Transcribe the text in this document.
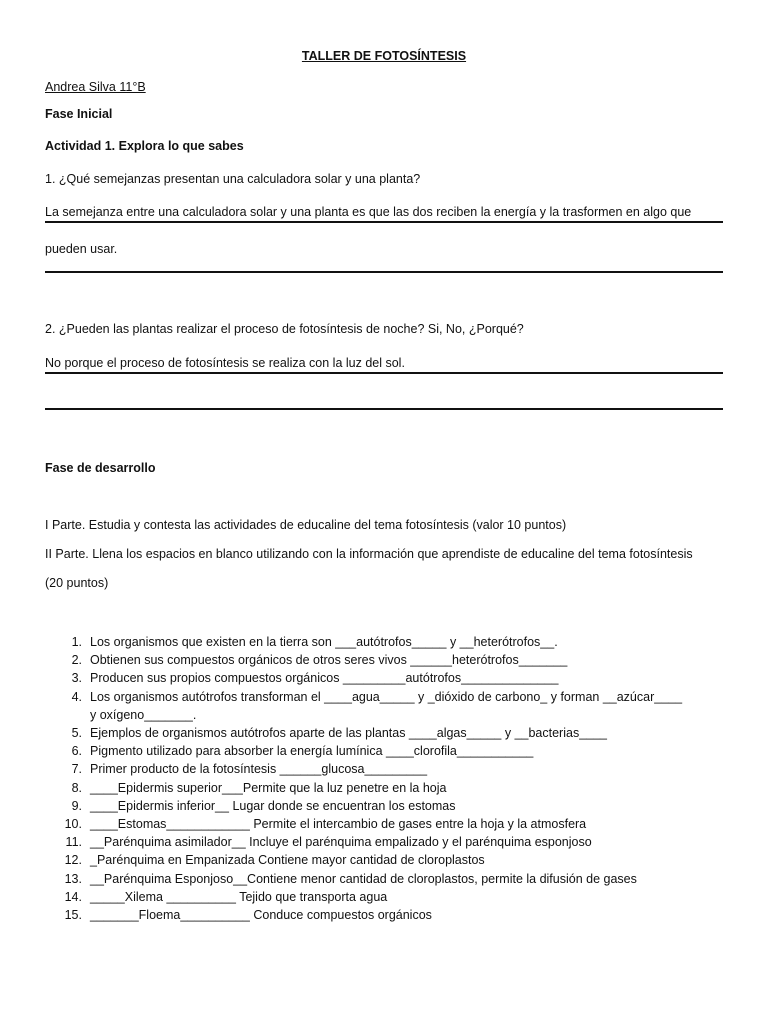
TALLER DE FOTOSÍNTESIS
Andrea Silva 11°B
Fase Inicial
Actividad 1. Explora lo que sabes
1. ¿Qué semejanzas presentan una calculadora solar y una planta?
La semejanza entre una calculadora solar y una planta es que las dos reciben la energía y la trasformen en algo que
pueden usar.
2. ¿Pueden las plantas realizar el proceso de fotosíntesis de noche? Si, No, ¿Porqué?
No porque el proceso de fotosíntesis se realiza con la luz del sol.
Fase de desarrollo
I Parte. Estudia y contesta las actividades de educaline del tema fotosíntesis (valor 10 puntos)
II Parte. Llena los espacios en blanco utilizando con la información que aprendiste de educaline del tema fotosíntesis
(20 puntos)
1. Los organismos que existen en la tierra son ___autótrofos_____ y __heterótrofos__.

2. Obtienen sus compuestos orgánicos de otros seres vivos ______heterótrofos_______

3. Producen sus propios compuestos orgánicos _________autótrofos______________

4. Los organismos autótrofos transforman el ____agua_____ y _dióxido de carbono_ y forman __azúcar____ y oxígeno_______.

5. Ejemplos de organismos autótrofos aparte de las plantas ____algas_____ y __bacterias____

6. Pigmento utilizado para absorber la energía lumínica ____clorofila___________

7. Primer producto de la fotosíntesis ______glucosa_________

8. ____Epidermis superior___Permite que la luz penetre en la hoja

9. ____Epidermis inferior__ Lugar donde se encuentran los estomas

10. ____Estomas____________ Permite el intercambio de gases entre la hoja y la atmosfera

11. __Parénquima asimilador__ Incluye el parénquima empalizado y el parénquima esponjoso

12. _Parénquima en Empanizada Contiene mayor cantidad de cloroplastos

13. __Parénquima Esponjoso__Contiene menor cantidad de cloroplastos, permite la difusión de gases

14. _____Xilema __________ Tejido que transporta agua

15. _______Floema__________ Conduce compuestos orgánicos
